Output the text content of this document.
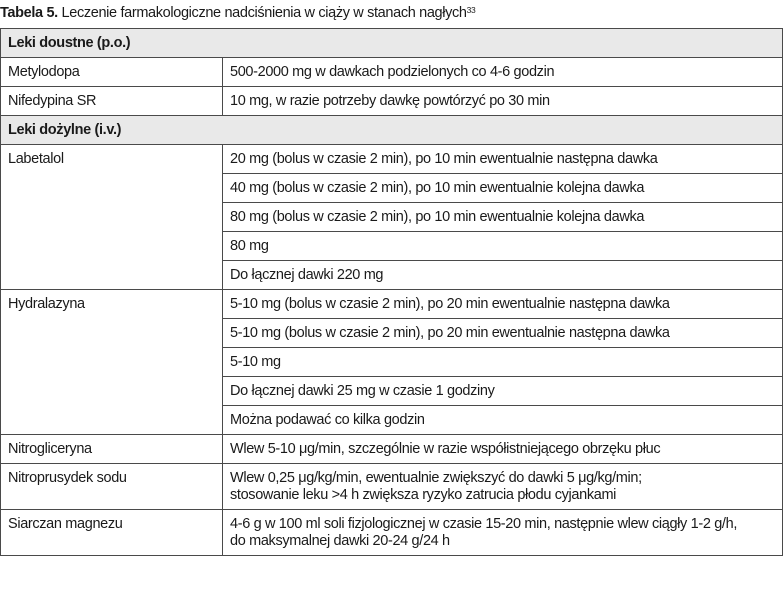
Tabela 5. Leczenie farmakologiczne nadciśnienia w ciąży w stanach nagłych$^{33}$
Leki doustne (p.o.)	
Metylodopa	500-2000 mg w dawkach podzielonych co 4-6 godzin
Nifedypina SR	10 mg, w razie potrzeby dawkę powtórzyć po 30 min
Leki dożylne (i.v.)	
Labetalol	20 mg (bolus w czasie 2 min), po 10 min ewentualnie następna dawka
	40 mg (bolus w czasie 2 min), po 10 min ewentualnie kolejna dawka
	80 mg (bolus w czasie 2 min), po 10 min ewentualnie kolejna dawka
	80 mg
	Do łącznej dawki 220 mg
Hydralazyna	5-10 mg (bolus w czasie 2 min), po 20 min ewentualnie następna dawka
	5-10 mg (bolus w czasie 2 min), po 20 min ewentualnie następna dawka
	5-10 mg
	Do łącznej dawki 25 mg w czasie 1 godziny
	Można podawać co kilka godzin
Nitrogliceryna	Wlew 5-10 μg/min, szczególnie w razie współistniejącego obrzęku płuc
Nitroprusydek sodu	Wlew 0,25 μg/kg/min, ewentualnie zwiększyć do dawki 5 μg/kg/min;
stosowanie leku >4 h zwiększa ryzyko zatrucia płodu cyjankami

Siarczan magnezu	4-6 g w 100 ml soli fizjologicznej w czasie 15-20 min, następnie wlew ciągły 1-2 g/h,
do maksymalnej dawki 20-24 g/24 h
